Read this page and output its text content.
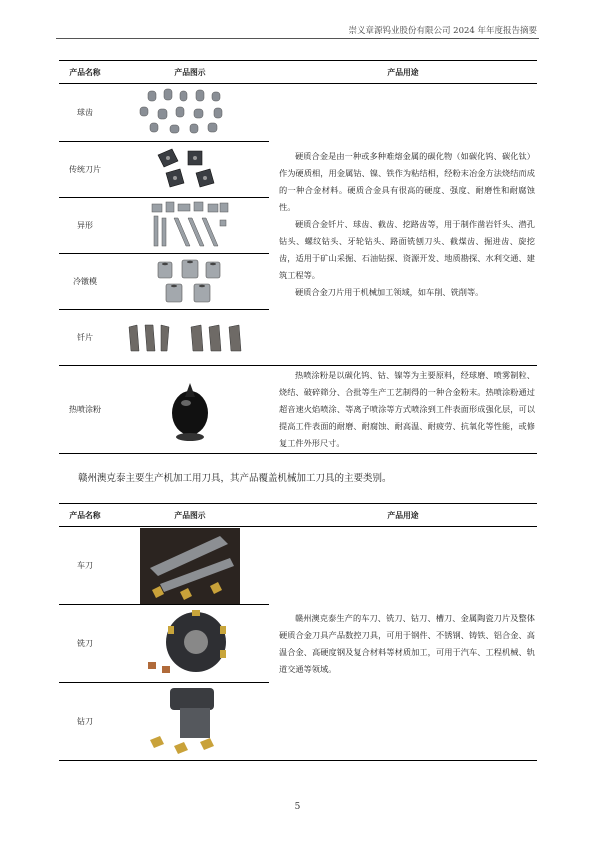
崇义章源钨业股份有限公司 2024 年年度报告摘要
产品名称	产品图示	产品用途
球齿		硬质合金是由一种或多种难熔金属的碳化物（如碳化钨、碳化钛）作为硬质相，用金属钴、镍、铁作为粘结相，经粉末冶金方法烧结而成的一种合金材料。硬质合金具有很高的硬度、强度、耐磨性和耐腐蚀性。

硬质合金钎片、球齿、截齿、挖路齿等，用于制作凿岩钎头、潜孔钻头、螺纹钻头、牙轮钻头、路面铣刨刀头、截煤齿、掘进齿、旋挖齿，适用于矿山采掘、石油钻探、资源开发、地质勘探、水利交通、建筑工程等。

硬质合金刀片用于机械加工领域，如车削、铣削等。

传统刀片	

异形	

冷镦模	

钎片	

热喷涂粉		热喷涂粉是以碳化钨、钴、镍等为主要原料，经球磨、喷雾制粒、烧结、破碎筛分、合批等生产工艺制得的一种合金粉末。热喷涂粉通过超音速火焰喷涂、等离子喷涂等方式喷涂到工件表面形成强化层，可以提高工件表面的耐磨、耐腐蚀、耐高温、耐疲劳、抗氧化等性能，或修复工件外形尺寸。

赣州澳克泰主要生产机加工用刀具，其产品覆盖机械加工刀具的主要类别。
产品名称	产品图示	产品用途
车刀		赣州澳克泰生产的车刀、铣刀、钻刀、槽刀、金属陶瓷刀片及整体硬质合金刀具产品数控刀具，可用于钢件、不锈钢、铸铁、铝合金、高温合金、高硬度钢及复合材料等材质加工，可用于汽车、工程机械、轨道交通等领域。

铣刀	

钻刀	
5
